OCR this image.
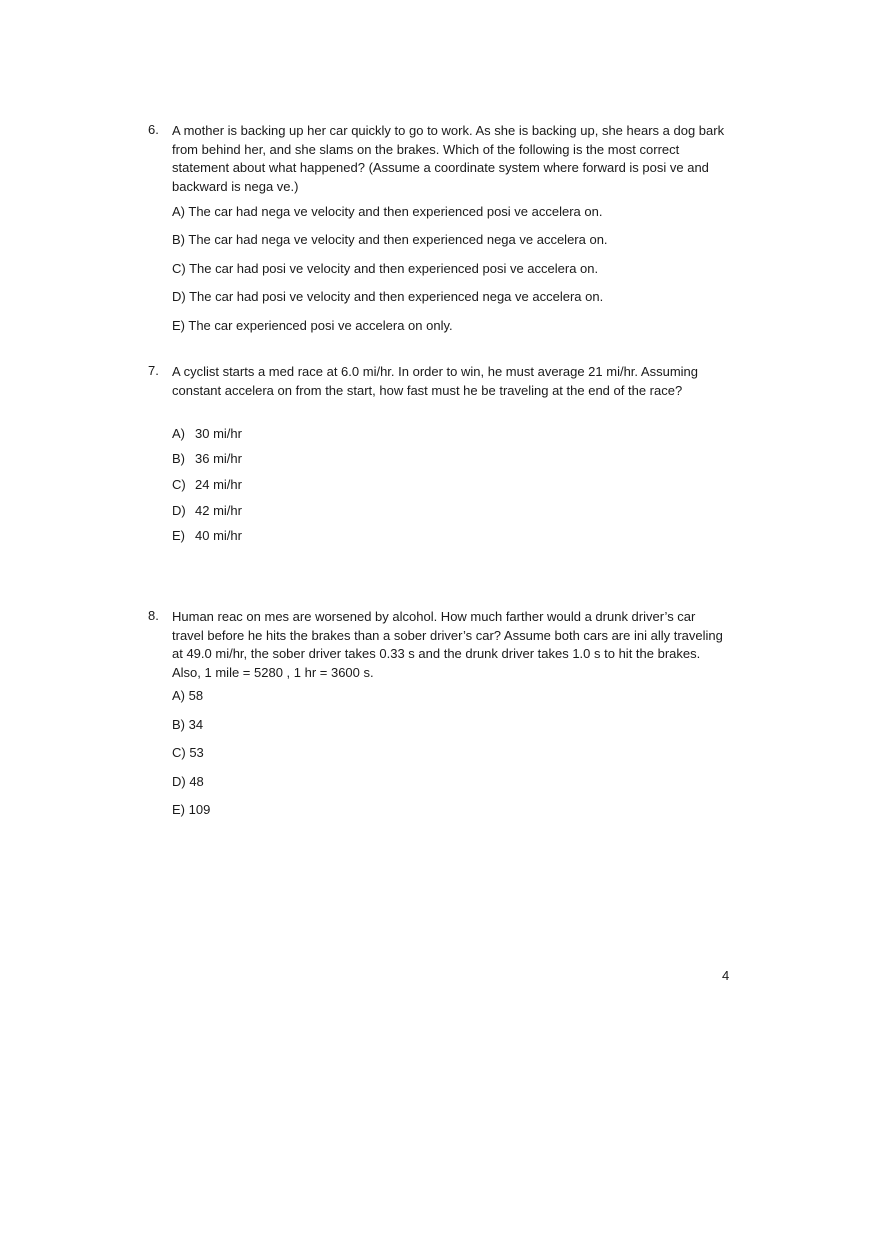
6.	A mother is backing up her car quickly to go to work. As she is backing up, she hears a dog bark from behind her, and she slams on the brakes. Which of the following is the most correct statement about what happened? (Assume a coordinate system where forward is posi ve and backward is nega ve.)
A) The car had nega ve velocity and then experienced posi ve accelera on.
B) The car had nega ve velocity and then experienced nega ve accelera on.
C) The car had posi ve velocity and then experienced posi ve accelera on.
D) The car had posi ve velocity and then experienced nega ve accelera on.
E) The car experienced posi ve accelera on only.
7.	A cyclist starts a med race at 6.0 mi/hr. In order to win, he must average 21 mi/hr. Assuming constant accelera on from the start, how fast must he be traveling at the end of the race?
A) 30 mi/hr
B) 36 mi/hr
C) 24 mi/hr
D) 42 mi/hr
E) 40 mi/hr
8.	Human reac on mes are worsened by alcohol. How much farther would a drunk driver’s car travel before he hits the brakes than a sober driver’s car? Assume both cars are ini ally traveling at 49.0 mi/hr, the sober driver takes 0.33 s and the drunk driver takes 1.0 s to hit the brakes. Also, 1 mile = 5280 , 1 hr = 3600 s.
A) 58
B) 34
C) 53
D) 48
E) 109
4
